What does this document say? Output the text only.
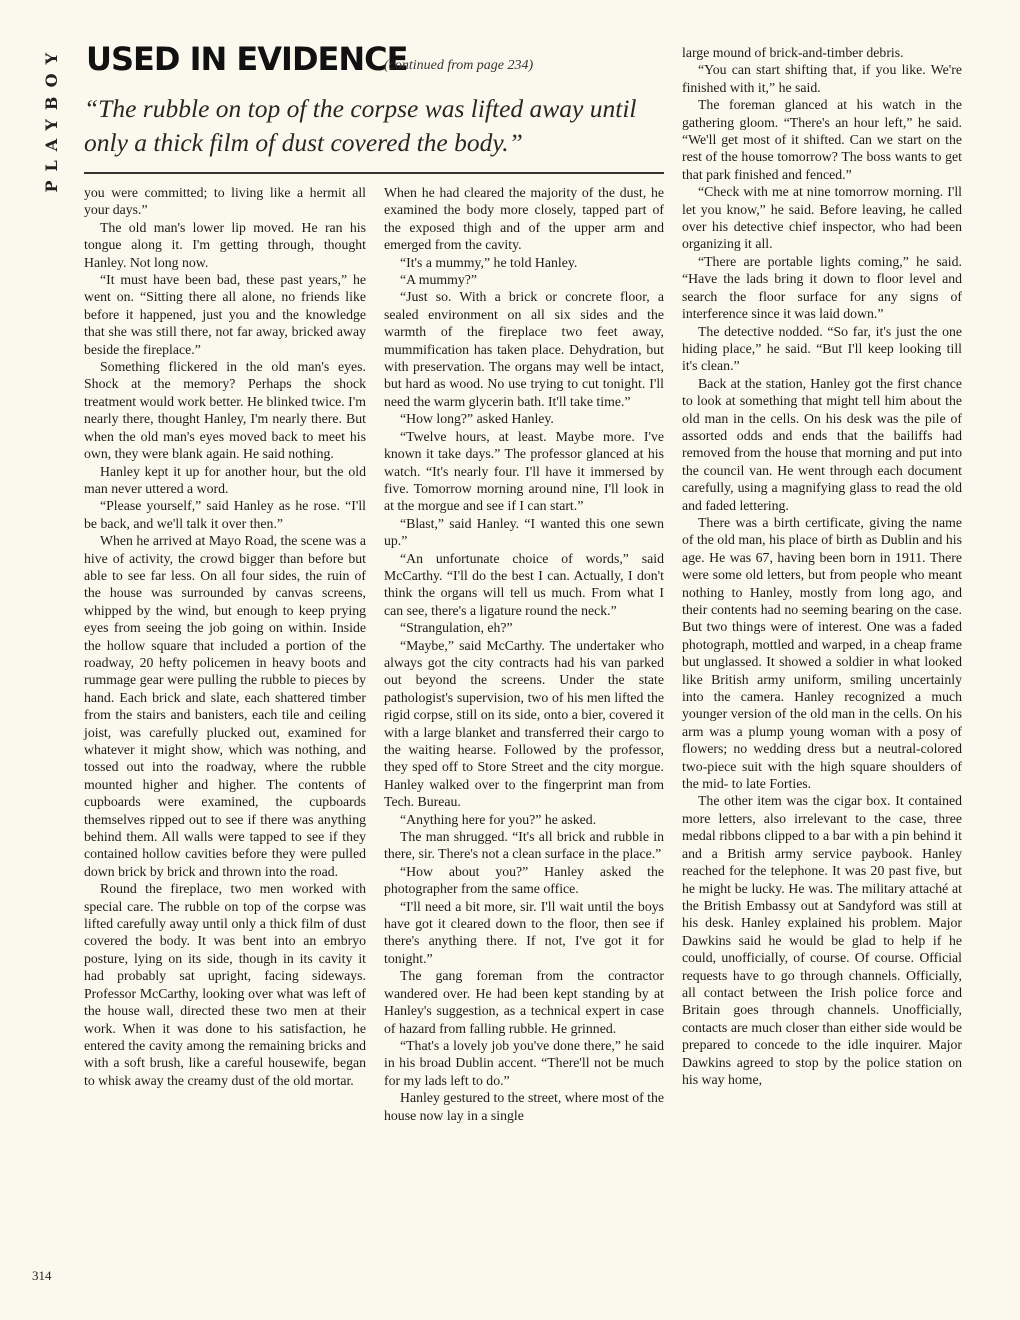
PLAYBOY USED IN EVIDENCE
(continued from page 234)
“The rubble on top of the corpse was lifted away until only a thick film of dust covered the body.”

you were committed; to living like a hermit all your days.”

The old man's lower lip moved. He ran his tongue along it. I'm getting through, thought Hanley. Not long now.

“It must have been bad, these past years,” he went on. “Sitting there all alone, no friends like before it happened, just you and the knowledge that she was still there, not far away, bricked away beside the fireplace.”

Something flickered in the old man's eyes. Shock at the memory? Perhaps the shock treatment would work better. He blinked twice. I'm nearly there, thought Hanley, I'm nearly there. But when the old man's eyes moved back to meet his own, they were blank again. He said nothing.

Hanley kept it up for another hour, but the old man never uttered a word.

“Please yourself,” said Hanley as he rose. “I'll be back, and we'll talk it over then.”

When he arrived at Mayo Road, the scene was a hive of activity, the crowd bigger than before but able to see far less. On all four sides, the ruin of the house was surrounded by canvas screens, whipped by the wind, but enough to keep prying eyes from seeing the job going on within. Inside the hollow square that included a portion of the roadway, 20 hefty policemen in heavy boots and rummage gear were pulling the rubble to pieces by hand. Each brick and slate, each shattered timber from the stairs and banisters, each tile and ceiling joist, was carefully plucked out, examined for whatever it might show, which was nothing, and tossed out into the roadway, where the rubble mounted higher and higher. The contents of cupboards were examined, the cupboards themselves ripped out to see if there was anything behind them. All walls were tapped to see if they contained hollow cavities before they were pulled down brick by brick and thrown into the road.

Round the fireplace, two men worked with special care. The rubble on top of the corpse was lifted carefully away until only a thick film of dust covered the body. It was bent into an embryo posture, lying on its side, though in its cavity it had probably sat upright, facing sideways. Professor McCarthy, looking over what was left of the house wall, directed these two men at their work. When it was done to his satisfaction, he entered the cavity among the remaining bricks and with a soft brush, like a careful housewife, began to whisk away the creamy dust of the old mortar.

When he had cleared the majority of the dust, he examined the body more closely, tapped part of the exposed thigh and of the upper arm and emerged from the cavity.

“It's a mummy,” he told Hanley.

“A mummy?”

“Just so. With a brick or concrete floor, a sealed environment on all six sides and the warmth of the fireplace two feet away, mummification has taken place. Dehydration, but with preservation. The organs may well be intact, but hard as wood. No use trying to cut tonight. I'll need the warm glycerin bath. It'll take time.”

“How long?” asked Hanley.

“Twelve hours, at least. Maybe more. I've known it take days.” The professor glanced at his watch. “It's nearly four. I'll have it immersed by five. Tomorrow morning around nine, I'll look in at the morgue and see if I can start.”

“Blast,” said Hanley. “I wanted this one sewn up.”

“An unfortunate choice of words,” said McCarthy. “I'll do the best I can. Actually, I don't think the organs will tell us much. From what I can see, there's a ligature round the neck.”

“Strangulation, eh?”

“Maybe,” said McCarthy. The undertaker who always got the city contracts had his van parked out beyond the screens. Under the state pathologist's supervision, two of his men lifted the rigid corpse, still on its side, onto a bier, covered it with a large blanket and transferred their cargo to the waiting hearse. Followed by the professor, they sped off to Store Street and the city morgue. Hanley walked over to the fingerprint man from Tech. Bureau.

“Anything here for you?” he asked.

The man shrugged. “It's all brick and rubble in there, sir. There's not a clean surface in the place.”

“How about you?” Hanley asked the photographer from the same office.

“I'll need a bit more, sir. I'll wait until the boys have got it cleared down to the floor, then see if there's anything there. If not, I've got it for tonight.”

The gang foreman from the contractor wandered over. He had been kept standing by at Hanley's suggestion, as a technical expert in case of hazard from falling rubble. He grinned.

“That's a lovely job you've done there,” he said in his broad Dublin accent. “There'll not be much for my lads left to do.”

Hanley gestured to the street, where most of the house now lay in a single

large mound of brick-and-timber debris.

“You can start shifting that, if you like. We're finished with it,” he said.

The foreman glanced at his watch in the gathering gloom. “There's an hour left,” he said. “We'll get most of it shifted. Can we start on the rest of the house tomorrow? The boss wants to get that park finished and fenced.”

“Check with me at nine tomorrow morning. I'll let you know,” he said. Before leaving, he called over his detective chief inspector, who had been organizing it all.

“There are portable lights coming,” he said. “Have the lads bring it down to floor level and search the floor surface for any signs of interference since it was laid down.”

The detective nodded. “So far, it's just the one hiding place,” he said. “But I'll keep looking till it's clean.”

Back at the station, Hanley got the first chance to look at something that might tell him about the old man in the cells. On his desk was the pile of assorted odds and ends that the bailiffs had removed from the house that morning and put into the council van. He went through each document carefully, using a magnifying glass to read the old and faded lettering.

There was a birth certificate, giving the name of the old man, his place of birth as Dublin and his age. He was 67, having been born in 1911. There were some old letters, but from people who meant nothing to Hanley, mostly from long ago, and their contents had no seeming bearing on the case. But two things were of interest. One was a faded photograph, mottled and warped, in a cheap frame but unglassed. It showed a soldier in what looked like British army uniform, smiling uncertainly into the camera. Hanley recognized a much younger version of the old man in the cells. On his arm was a plump young woman with a posy of flowers; no wedding dress but a neutral-colored two-piece suit with the high square shoulders of the mid- to late Forties.

The other item was the cigar box. It contained more letters, also irrelevant to the case, three medal ribbons clipped to a bar with a pin behind it and a British army service paybook. Hanley reached for the telephone. It was 20 past five, but he might be lucky. He was. The military attaché at the British Embassy out at Sandyford was still at his desk. Hanley explained his problem. Major Dawkins said he would be glad to help if he could, unofficially, of course. Of course. Official requests have to go through channels. Officially, all contact between the Irish police force and Britain goes through channels. Unofficially, contacts are much closer than either side would be prepared to concede to the idle inquirer. Major Dawkins agreed to stop by the police station on his way home,

314
